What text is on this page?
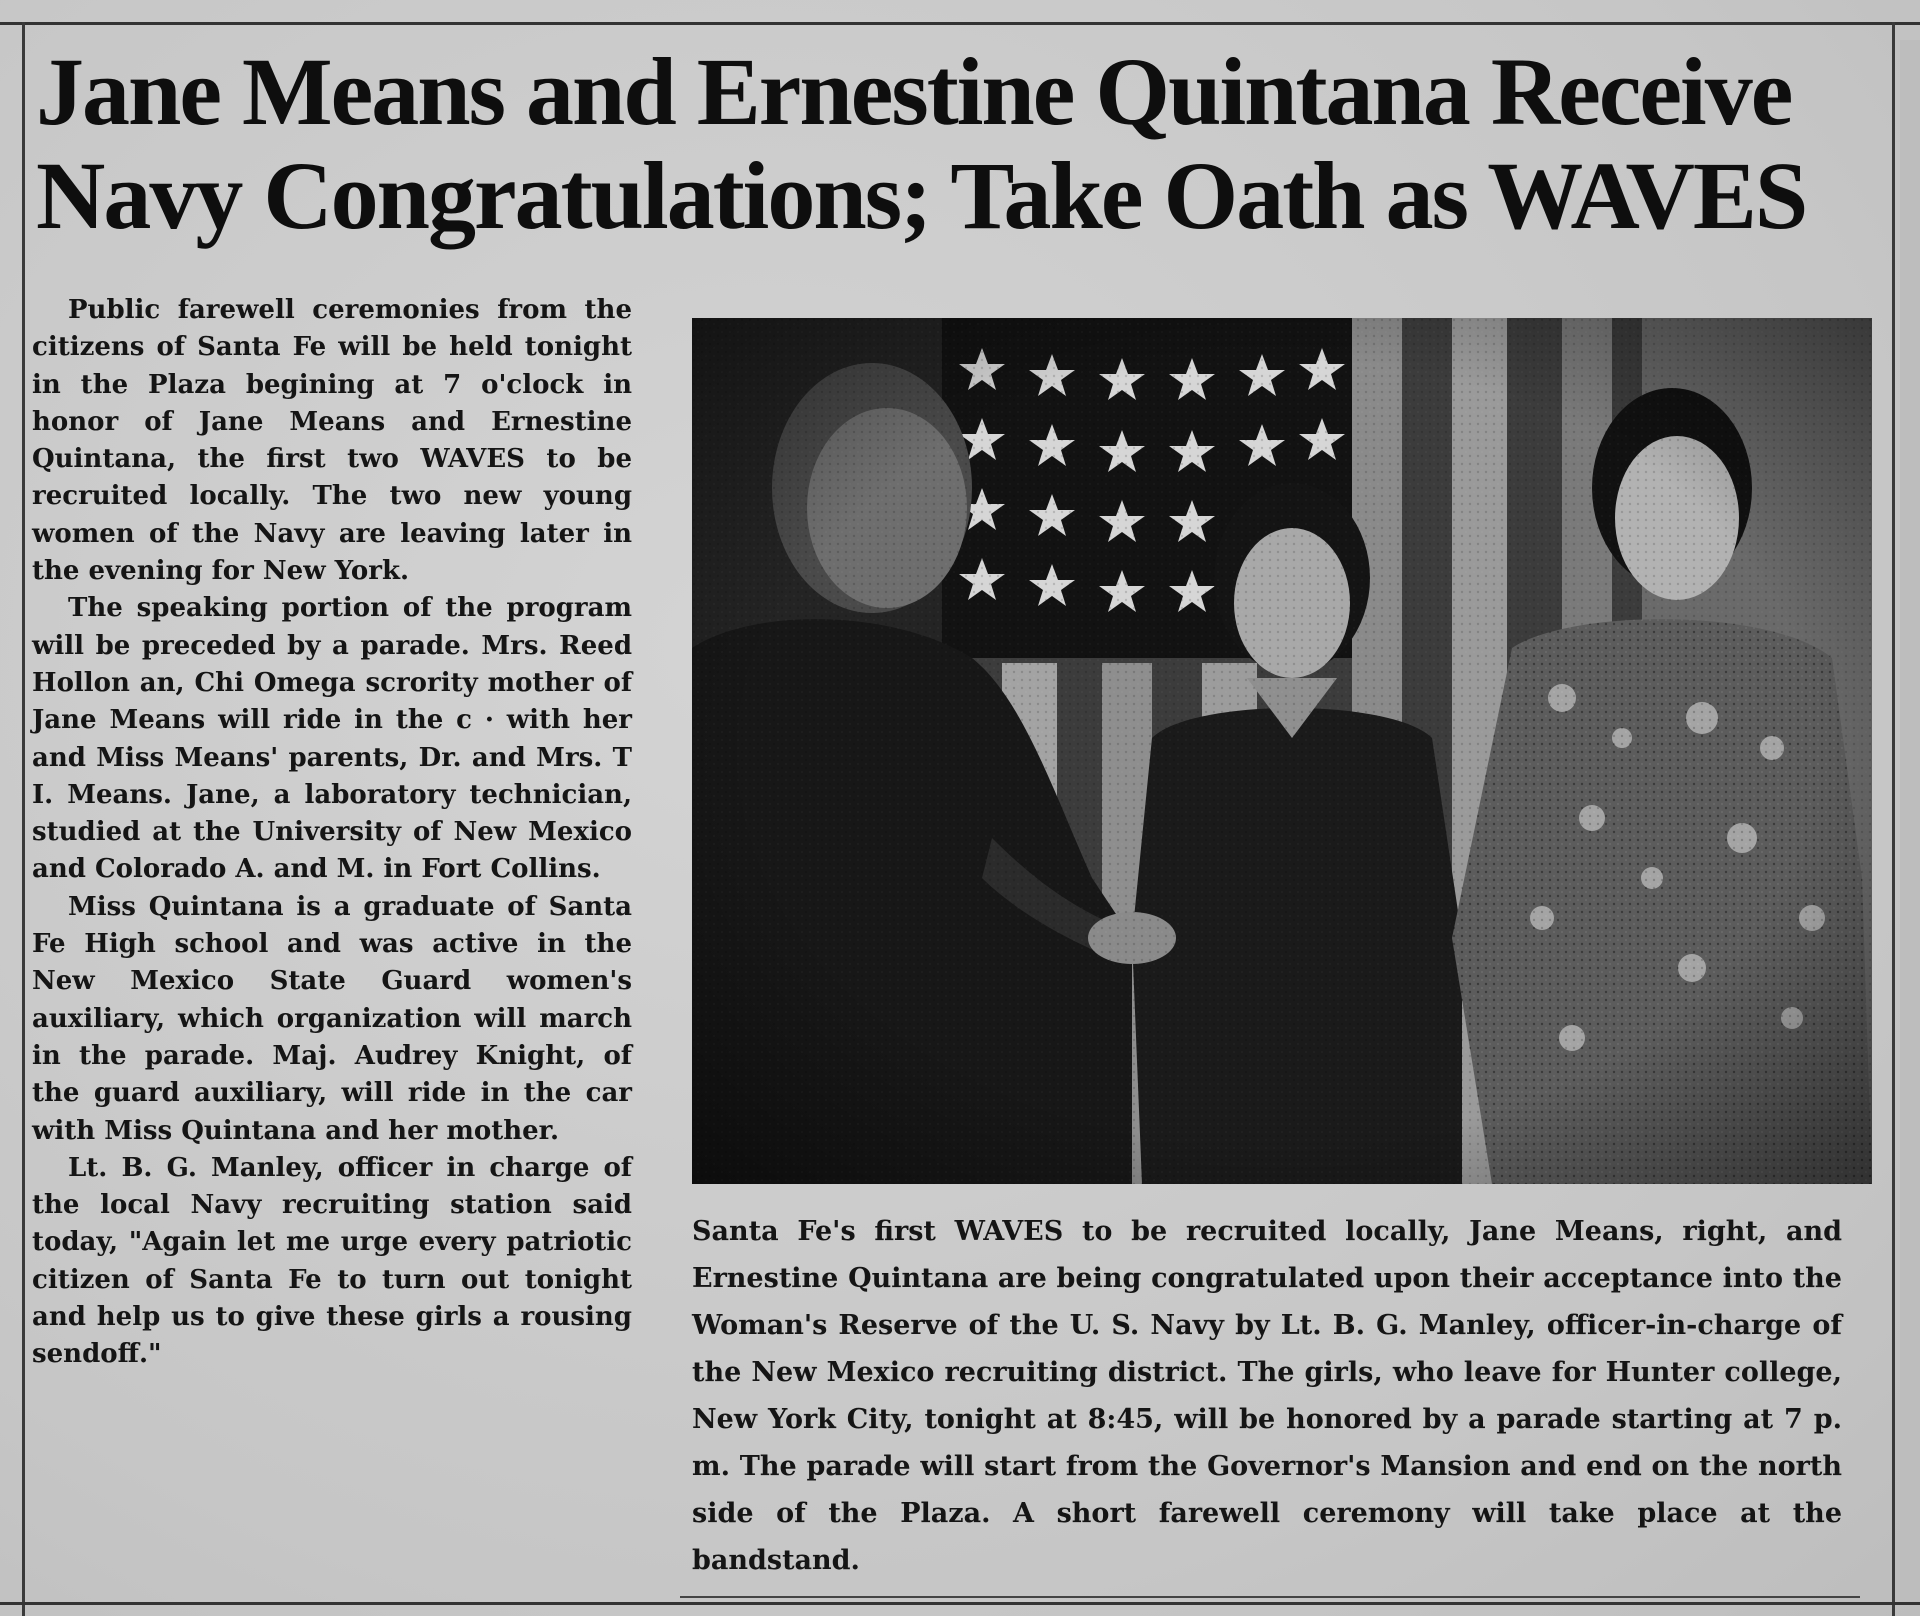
Jane Means and Ernestine Quintana Receive
Navy Congratulations; Take Oath as WAVES

Public farewell ceremonies from the citizens of Santa Fe will be held tonight in the Plaza begining at 7 o'clock in honor of Jane Means and Ernestine Quintana, the first two WAVES to be recruited locally. The two new young women of the Navy are leaving later in the evening for New York.

The speaking portion of the program will be preceded by a parade. Mrs. Reed Hollon an, Chi Omega scrority mother of Jane Means will ride in the c · with her and Miss Means' parents, Dr. and Mrs. T I. Means. Jane, a laboratory technician, studied at the University of New Mexico and Colorado A. and M. in Fort Collins.

Miss Quintana is a graduate of Santa Fe High school and was active in the New Mexico State Guard women's auxiliary, which organization will march in the parade. Maj. Audrey Knight, of the guard auxiliary, will ride in the car with Miss Quintana and her mother.

Lt. B. G. Manley, officer in charge of the local Navy recruiting station said today, "Again let me urge every patriotic citizen of Santa Fe to turn out tonight and help us to give these girls a rousing sendoff."

Santa Fe's first WAVES to be recruited locally, Jane Means, right, and Ernestine Quintana are being congratulated upon their acceptance into the Woman's Reserve of the U. S. Navy by Lt. B. G. Manley, officer-in-charge of the New Mexico recruiting district. The girls, who leave for Hunter college, New York City, tonight at 8:45, will be honored by a parade starting at 7 p. m. The parade will start from the Governor's Mansion and end on the north side of the Plaza. A short farewell ceremony will take place at the bandstand.
